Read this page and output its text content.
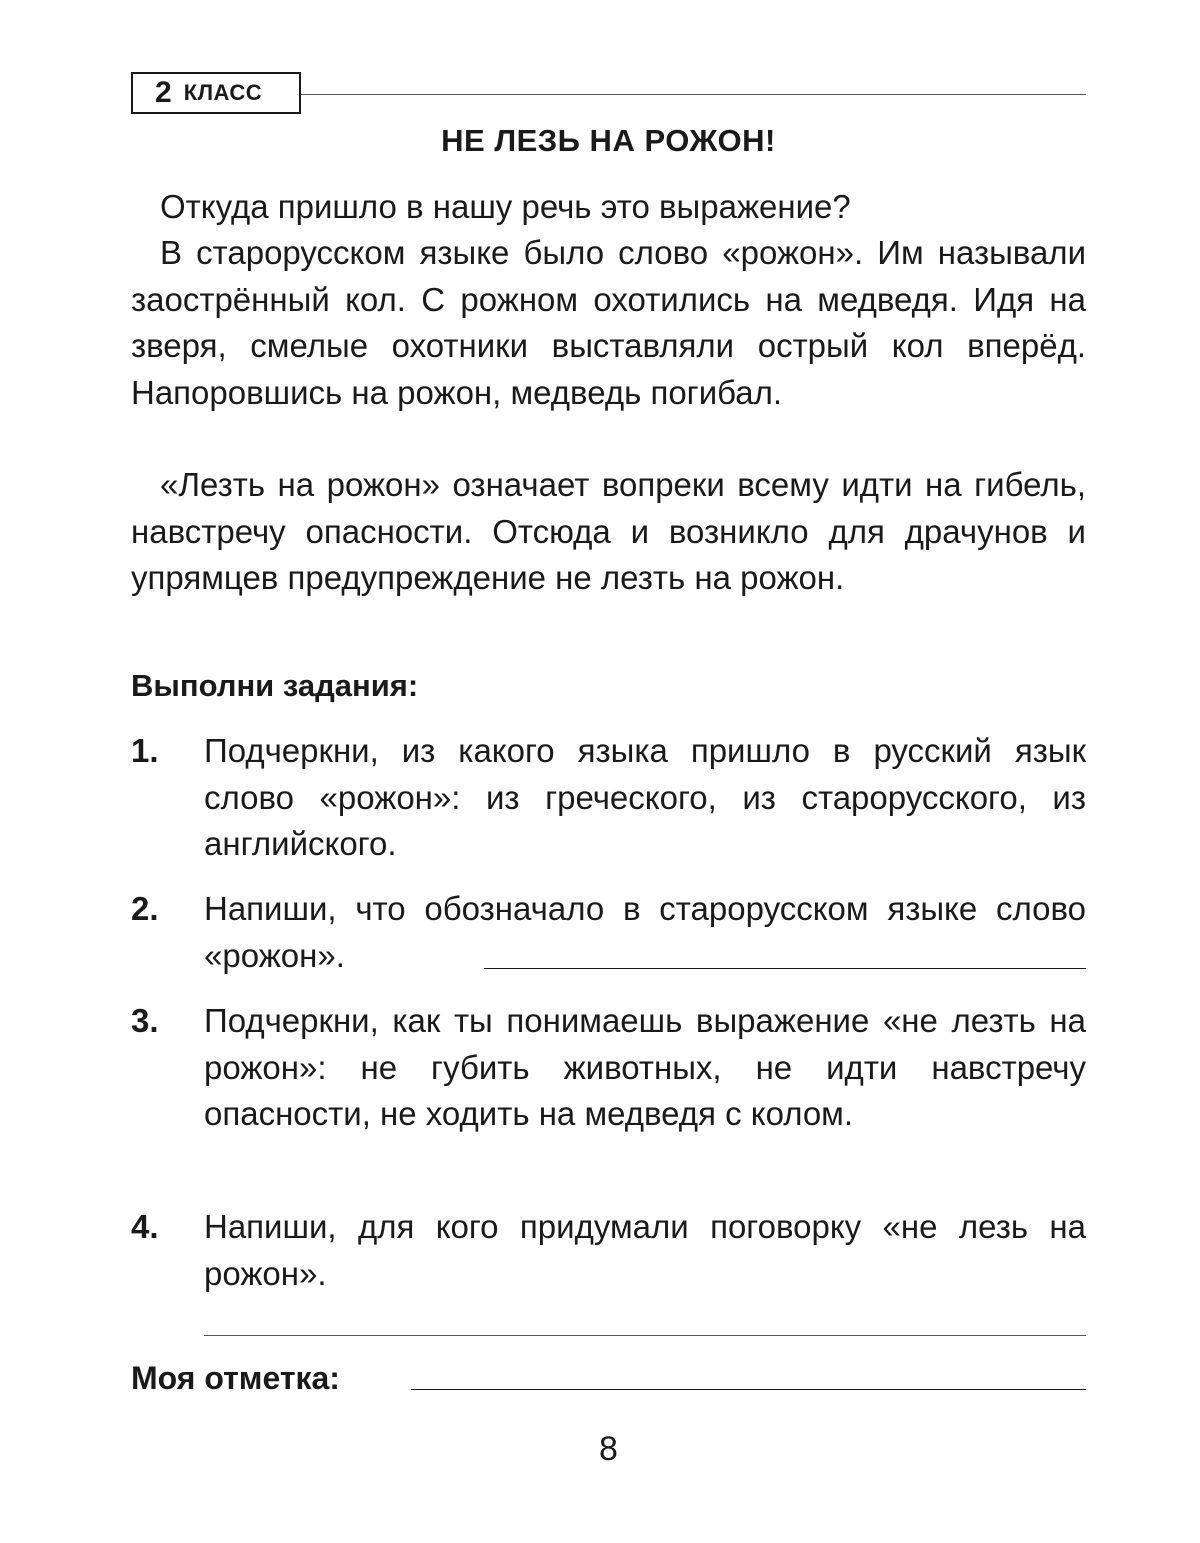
2 КЛАСС
НЕ ЛЕЗЬ НА РОЖОН!

Откуда пришло в нашу речь это выражение?

В старорусском языке было слово «рожон». Им называли заострённый кол. С рожном охотились на медведя. Идя на зверя, смелые охотники выставляли острый кол вперёд. Напоровшись на рожон, медведь погибал.

«Лезть на рожон» означает вопреки всему идти на гибель, навстречу опасности. Отсюда и возникло для драчунов и упрямцев предупреждение не лезть на рожон.

Выполни задания:
1. Подчеркни, из какого языка пришло в русский язык слово «рожон»: из греческого, из старорусского, из английского.

2. Напиши, что обозначало в старорусском языке слово «рожон».

3. Подчеркни, как ты понимаешь выражение «не лезть на рожон»: не губить животных, не идти навстречу опасности, не ходить на медведя с колом.

4. Напиши, для кого придумали поговорку «не лезь на рожон».

Моя отметка:
8
